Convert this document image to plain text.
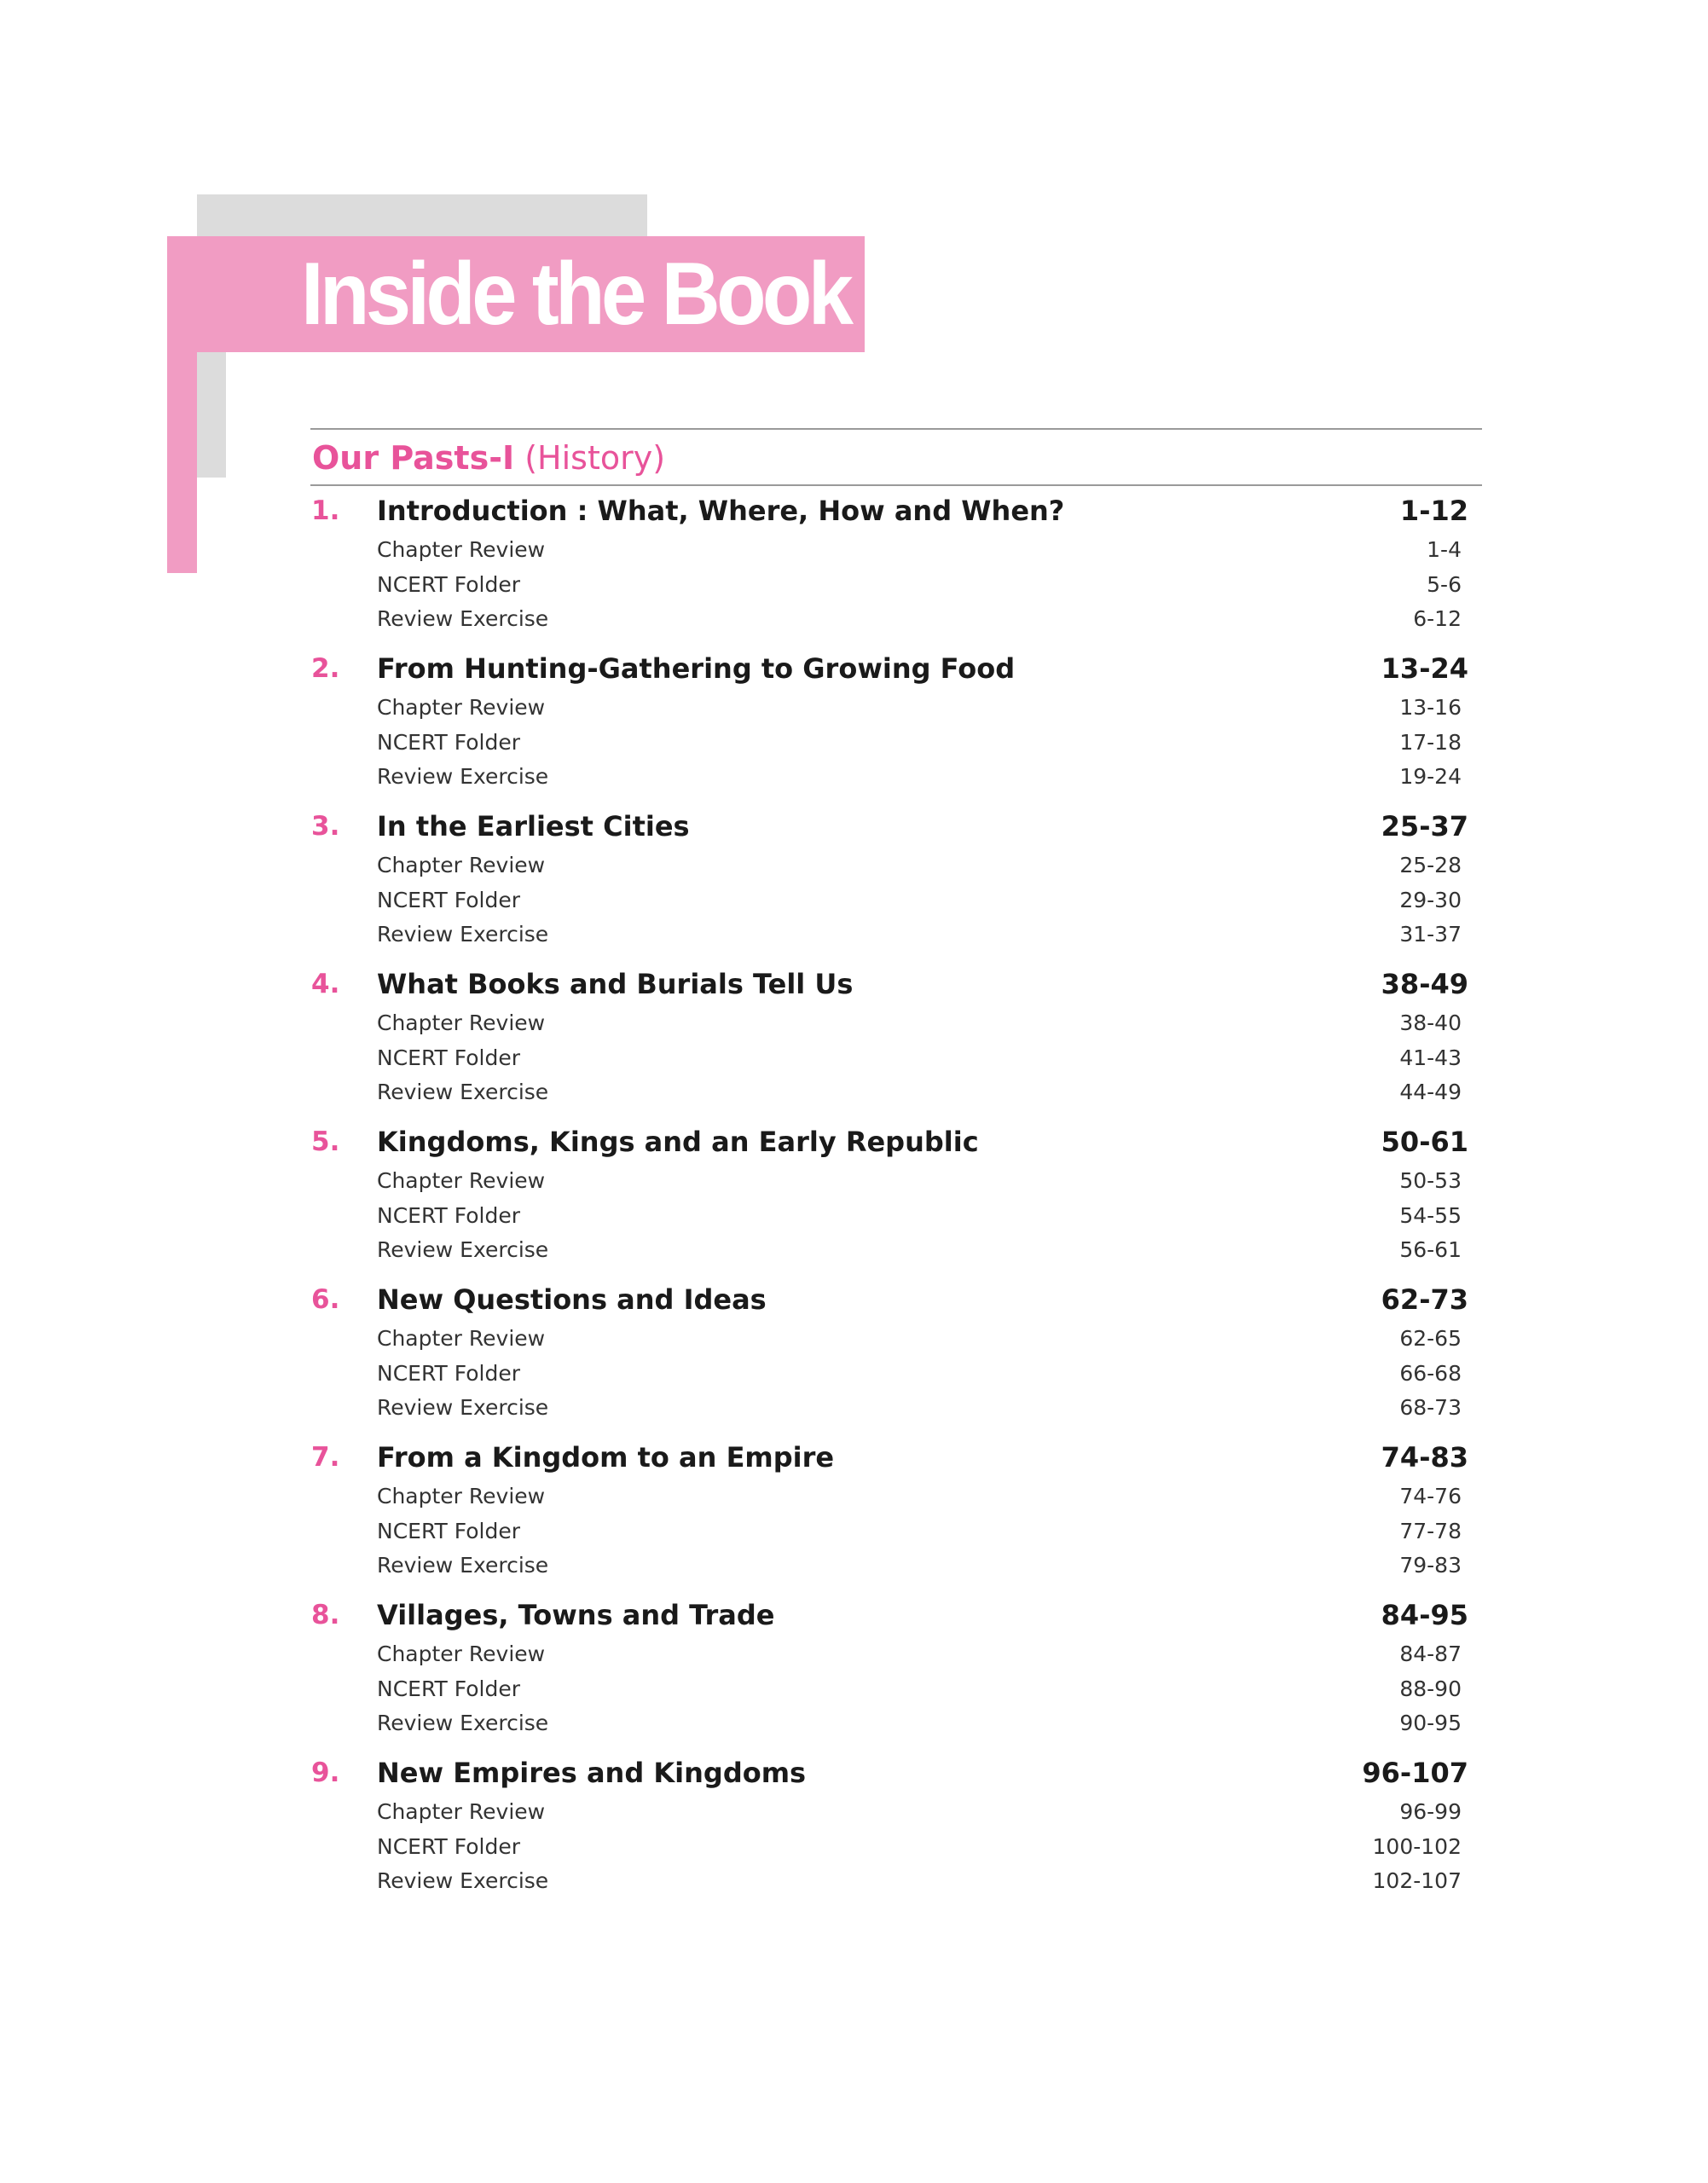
Inside the Book
Our Pasts-I (History)
1. Introduction : What, Where, How and When?	1-12
Chapter Review	1-4
NCERT Folder	5-6
Review Exercise	6-12
2. From Hunting-Gathering to Growing Food	13-24
Chapter Review	13-16
NCERT Folder	17-18
Review Exercise	19-24
3. In the Earliest Cities	25-37
Chapter Review	25-28
NCERT Folder	29-30
Review Exercise	31-37
4. What Books and Burials Tell Us	38-49
Chapter Review	38-40
NCERT Folder	41-43
Review Exercise	44-49
5. Kingdoms, Kings and an Early Republic	50-61
Chapter Review	50-53
NCERT Folder	54-55
Review Exercise	56-61
6. New Questions and Ideas	62-73
Chapter Review	62-65
NCERT Folder	66-68
Review Exercise	68-73
7. From a Kingdom to an Empire	74-83
Chapter Review	74-76
NCERT Folder	77-78
Review Exercise	79-83
8. Villages, Towns and Trade	84-95
Chapter Review	84-87
NCERT Folder	88-90
Review Exercise	90-95
9. New Empires and Kingdoms	96-107
Chapter Review	96-99
NCERT Folder	100-102
Review Exercise	102-107
